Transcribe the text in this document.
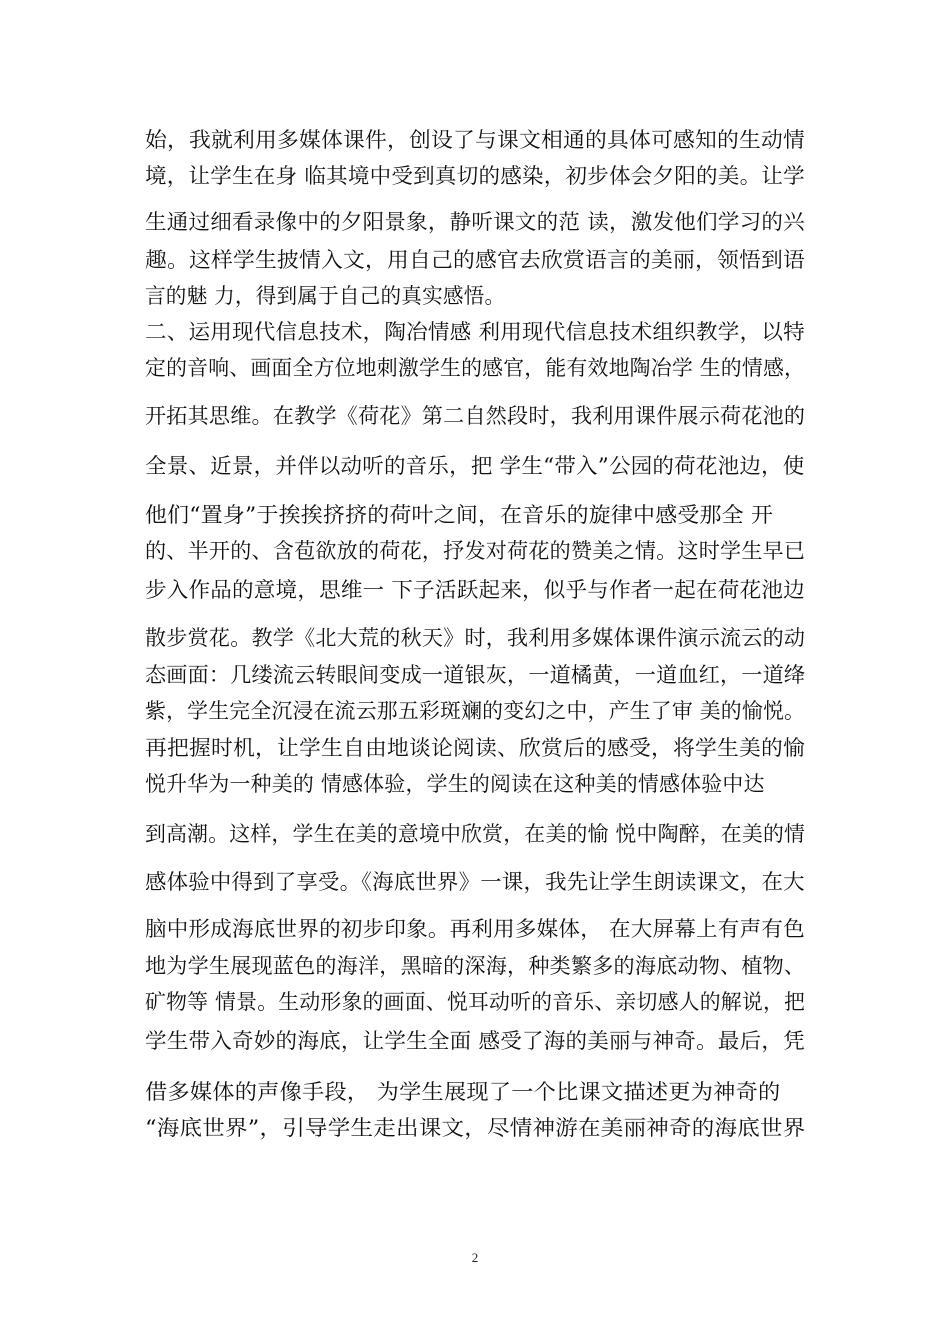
始，我就利用多媒体课件，创设了与课文相通的具体可感知的生动情
境，让学生在身 临其境中受到真切的感染，初步体会夕阳的美。让学
生通过细看录像中的夕阳景象，静听课文的范 读，激发他们学习的兴
趣。这样学生披情入文，用自己的感官去欣赏语言的美丽，领悟到语
言的魅 力，得到属于自己的真实感悟。
二、运用现代信息技术，陶冶情感 利用现代信息技术组织教学，以特
定的音响、画面全方位地刺激学生的感官，能有效地陶冶学 生的情感，
开拓其思维。在教学《荷花》第二自然段时，我利用课件展示荷花池的
全景、近景，并伴以动听的音乐，把 学生“带入”公园的荷花池边，使
他们“置身”于挨挨挤挤的荷叶之间，在音乐的旋律中感受那全 开
的、半开的、含苞欲放的荷花，抒发对荷花的赞美之情。这时学生早已
步入作品的意境，思维一 下子活跃起来，似乎与作者一起在荷花池边
散步赏花。教学《北大荒的秋天》时，我利用多媒体课件演示流云的动
态画面：几缕流云转眼间变成一道银灰，一道橘黄，一道血红，一道绛
紫，学生完全沉浸在流云那五彩斑斓的变幻之中，产生了审 美的愉悦。
再把握时机，让学生自由地谈论阅读、欣赏后的感受，将学生美的愉
悦升华为一种美的 情感体验，学生的阅读在这种美的情感体验中达
到高潮。这样，学生在美的意境中欣赏，在美的愉 悦中陶醉，在美的情
感体验中得到了享受。《海底世界》一课，我先让学生朗读课文，在大
脑中形成海底世界的初步印象。再利用多媒体， 在大屏幕上有声有色
地为学生展现蓝色的海洋，黑暗的深海，种类繁多的海底动物、植物、
矿物等 情景。生动形象的画面、悦耳动听的音乐、亲切感人的解说，把
学生带入奇妙的海底，让学生全面 感受了海的美丽与神奇。最后，凭
借多媒体的声像手段， 为学生展现了一个比课文描述更为神奇的
“海底世界”，引导学生走出课文，尽情神游在美丽神奇的海底世界
2
